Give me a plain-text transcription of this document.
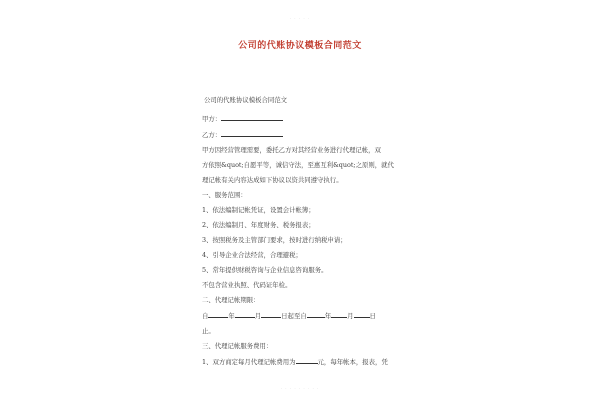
· · · · ·
公司的代账协议模板合同范文
公司的代账协议模板合同范文
甲方：
乙方：
甲方因经营管理需要，委托乙方对其经营业务进行代理记帐，双
方依照&quot;自愿平等，诚信守法，至惠互利&quot;之原则，就代
理记帐有关内容达成如下协议以资共同遵守执行。
一、服务范围：
1、依法编制记帐凭证，设置会计帐簿；
2、依法编制月、年度财务、税务报表；
3、按照税务及主管部门要求，按时进行纳税申请；
4、引导企业合法经营，合理避税；
5、常年提供财税咨询与企业信息咨询服务。
不包含营业执照、代码证年检。
二、代理记帐期限：
自	年	月	日起至自	年	月	日
止。
三、代理记帐服务费用：
1、双方商定每月代理记帐费用为	元，每年帐本，报表，凭
· · · · · · · · ·
